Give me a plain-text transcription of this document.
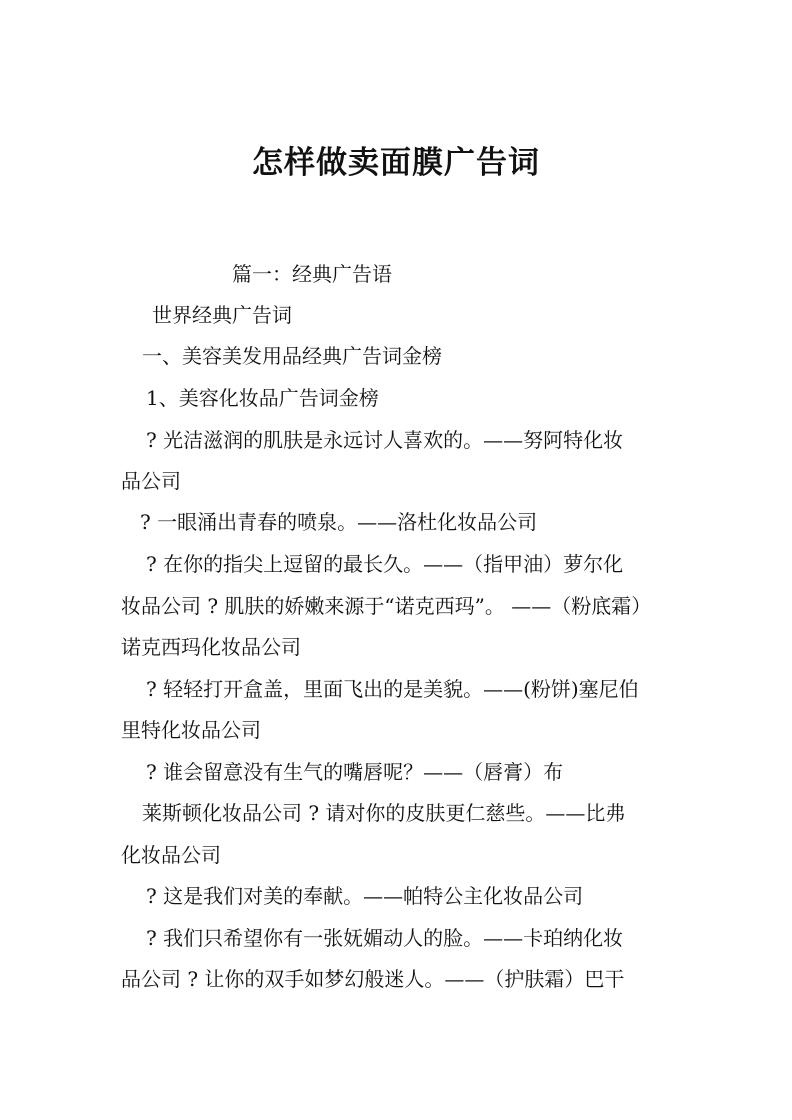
怎样做卖面膜广告词
篇一：经典广告语
世界经典广告词
一、美容美发用品经典广告词金榜
1、美容化妆品广告词金榜
? 光洁滋润的肌肤是永远讨人喜欢的。——努阿特化妆
品公司
? 一眼涌出青春的喷泉。——洛杜化妆品公司
? 在你的指尖上逗留的最长久。——（指甲油）萝尔化
妆品公司 ? 肌肤的娇嫩来源于“诺克西玛”。 ——（粉底霜）
诺克西玛化妆品公司
? 轻轻打开盒盖，里面飞出的是美貌。——(粉饼)塞尼伯
里特化妆品公司
? 谁会留意没有生气的嘴唇呢？——（唇膏）布
莱斯顿化妆品公司 ? 请对你的皮肤更仁慈些。——比弗
化妆品公司
? 这是我们对美的奉献。——帕特公主化妆品公司
? 我们只希望你有一张妩媚动人的脸。——卡珀纳化妆
品公司 ? 让你的双手如梦幻般迷人。——（护肤霜）巴干
